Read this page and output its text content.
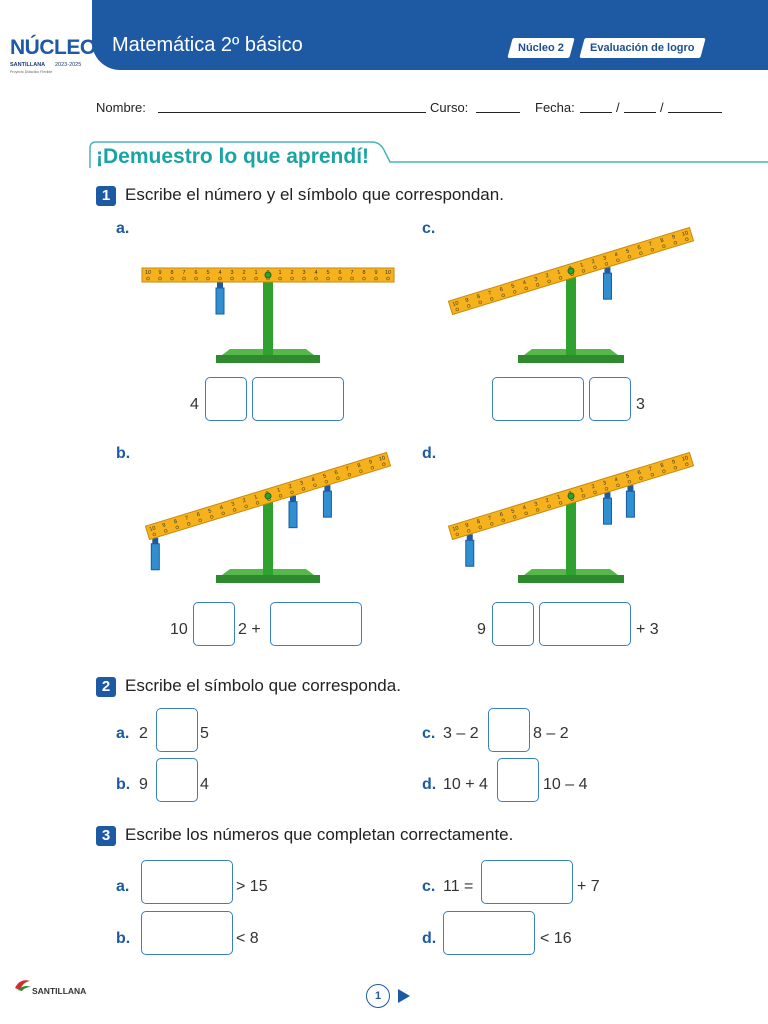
Matemática 2º básico	Núcleo 2	Evaluación de logro
NÚCLEO
SANTILLANA 2023-2025
Proyecto Didáctico Flexible
Nombre:	Curso:	Fecha:	/	/
¡Demuestro lo que aprendí!
1 Escribe el número y el símbolo que correspondan.
a.	c.
b.	d.
10 9 8 7 6 5 4 3 2 1	1 2 3 4 5 6 7 8 9 10
10 9
8
7
6
5
4
3
2
1
1
2
3
4
5
6
7
8
9 10
10 9
8
7
6
5
4
3
2
1
1
2
3
4
5
6
7
8
9 10
10 9
8
7
6
5
4
3
2
1
1
2
3
4
5
6
7
8
9 10
4	3
10	2 +	9	+ 3
2 Escribe el símbolo que corresponda.
a. 2	5
b. 9	4
c. 3 – 2	8 – 2
d. 10 + 4	10 – 4
3 Escribe los números que completan correctamente.
a.	> 15
b.	< 8
c. 11 =	+ 7
d.	< 16
SANTILLANA	1
